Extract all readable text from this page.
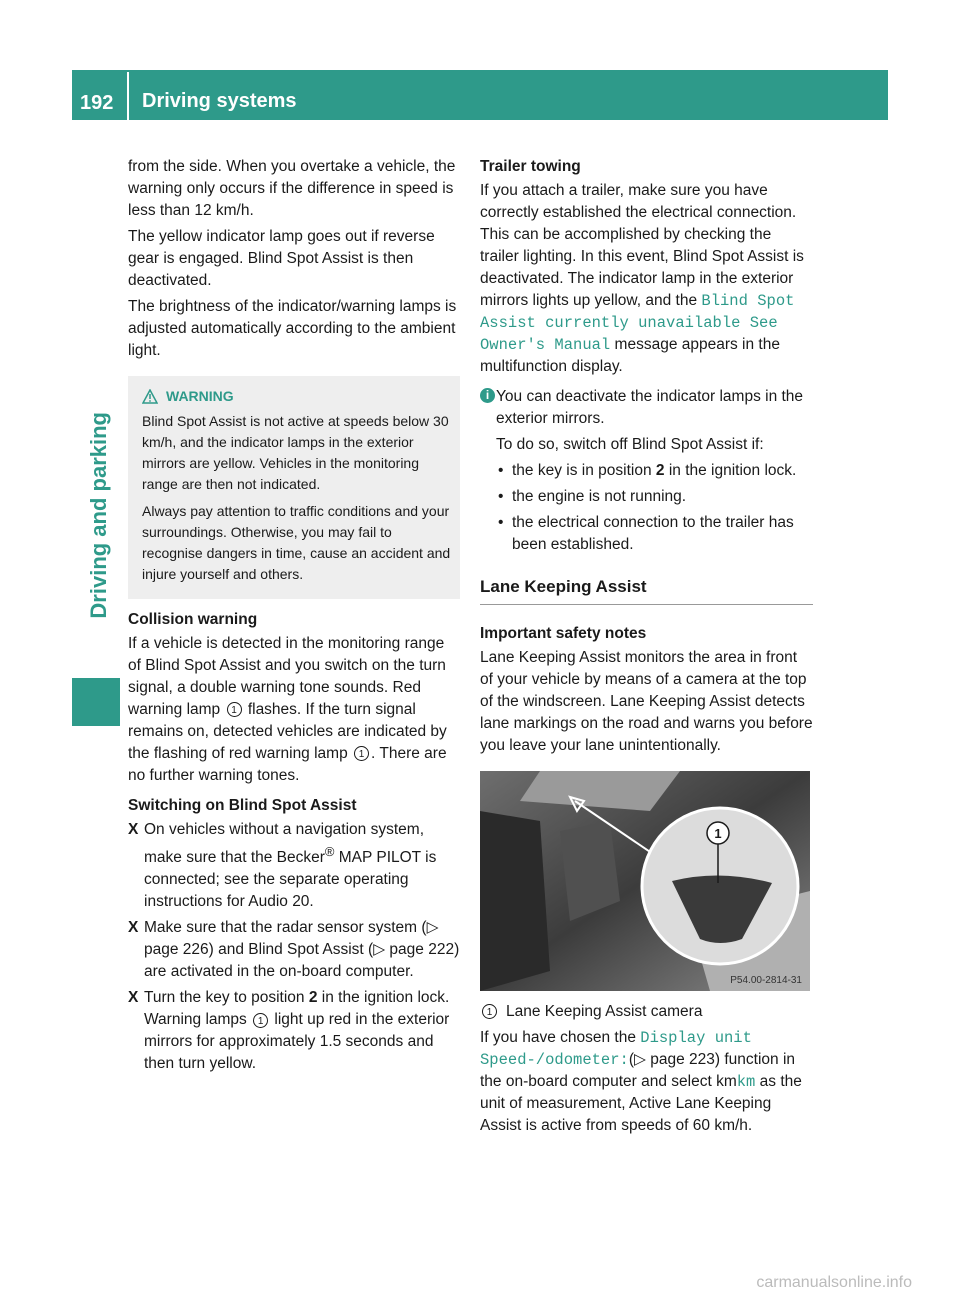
192	Driving systems
Driving and parking

from the side. When you overtake a vehicle, the warning only occurs if the difference in speed is less than 12 km/h.

The yellow indicator lamp goes out if reverse gear is engaged. Blind Spot Assist is then deactivated.

The brightness of the indicator/warning lamps is adjusted automatically according to the ambient light.

WARNING

Blind Spot Assist is not active at speeds below 30 km/h, and the indicator lamps in the exterior mirrors are yellow. Vehicles in the monitoring range are then not indicated.

Always pay attention to traffic conditions and your surroundings. Otherwise, you may fail to recognise dangers in time, cause an accident and injure yourself and others.

Collision warning

If a vehicle is detected in the monitoring range of Blind Spot Assist and you switch on the turn signal, a double warning tone sounds. Red warning lamp 1 flashes. If the turn signal remains on, detected vehicles are indicated by the flashing of red warning lamp 1 . There are no further warning tones.

Switching on Blind Spot Assist

X On vehicles without a navigation system, make sure that the Becker® MAP PILOT is connected; see the separate operating instructions for Audio 20.
X Make sure that the radar sensor system (▷ page 226) and Blind Spot Assist (▷ page 222) are activated in the on-board computer.
X Turn the key to position 2 in the ignition lock.
Warning lamps 1 light up red in the exterior mirrors for approximately 1.5 seconds and then turn yellow.

Trailer towing

If you attach a trailer, make sure you have correctly established the electrical connection. This can be accomplished by checking the trailer lighting. In this event, Blind Spot Assist is deactivated. The indicator lamp in the exterior mirrors lights up yellow, and the Blind Spot Assist currently unavailable See Owner's Manual message appears in the multifunction display.

i You can deactivate the indicator lamps in the exterior mirrors.

To do so, switch off Blind Spot Assist if:

• the key is in position 2 in the ignition lock.
• the engine is not running.
• the electrical connection to the trailer has been established.
Lane Keeping Assist

Important safety notes

Lane Keeping Assist monitors the area in front of your vehicle by means of a camera at the top of the windscreen. Lane Keeping Assist detects lane markings on the road and warns you before you leave your lane unintentionally.

1
P54.00-2814-31

1 Lane Keeping Assist camera

If you have chosen the Display unit Speed-/odometer:(▷ page 223) function in the on-board computer and select kmkm as the unit of measurement, Active Lane Keeping Assist is active from speeds of 60 km/h.

carmanualsonline.info
